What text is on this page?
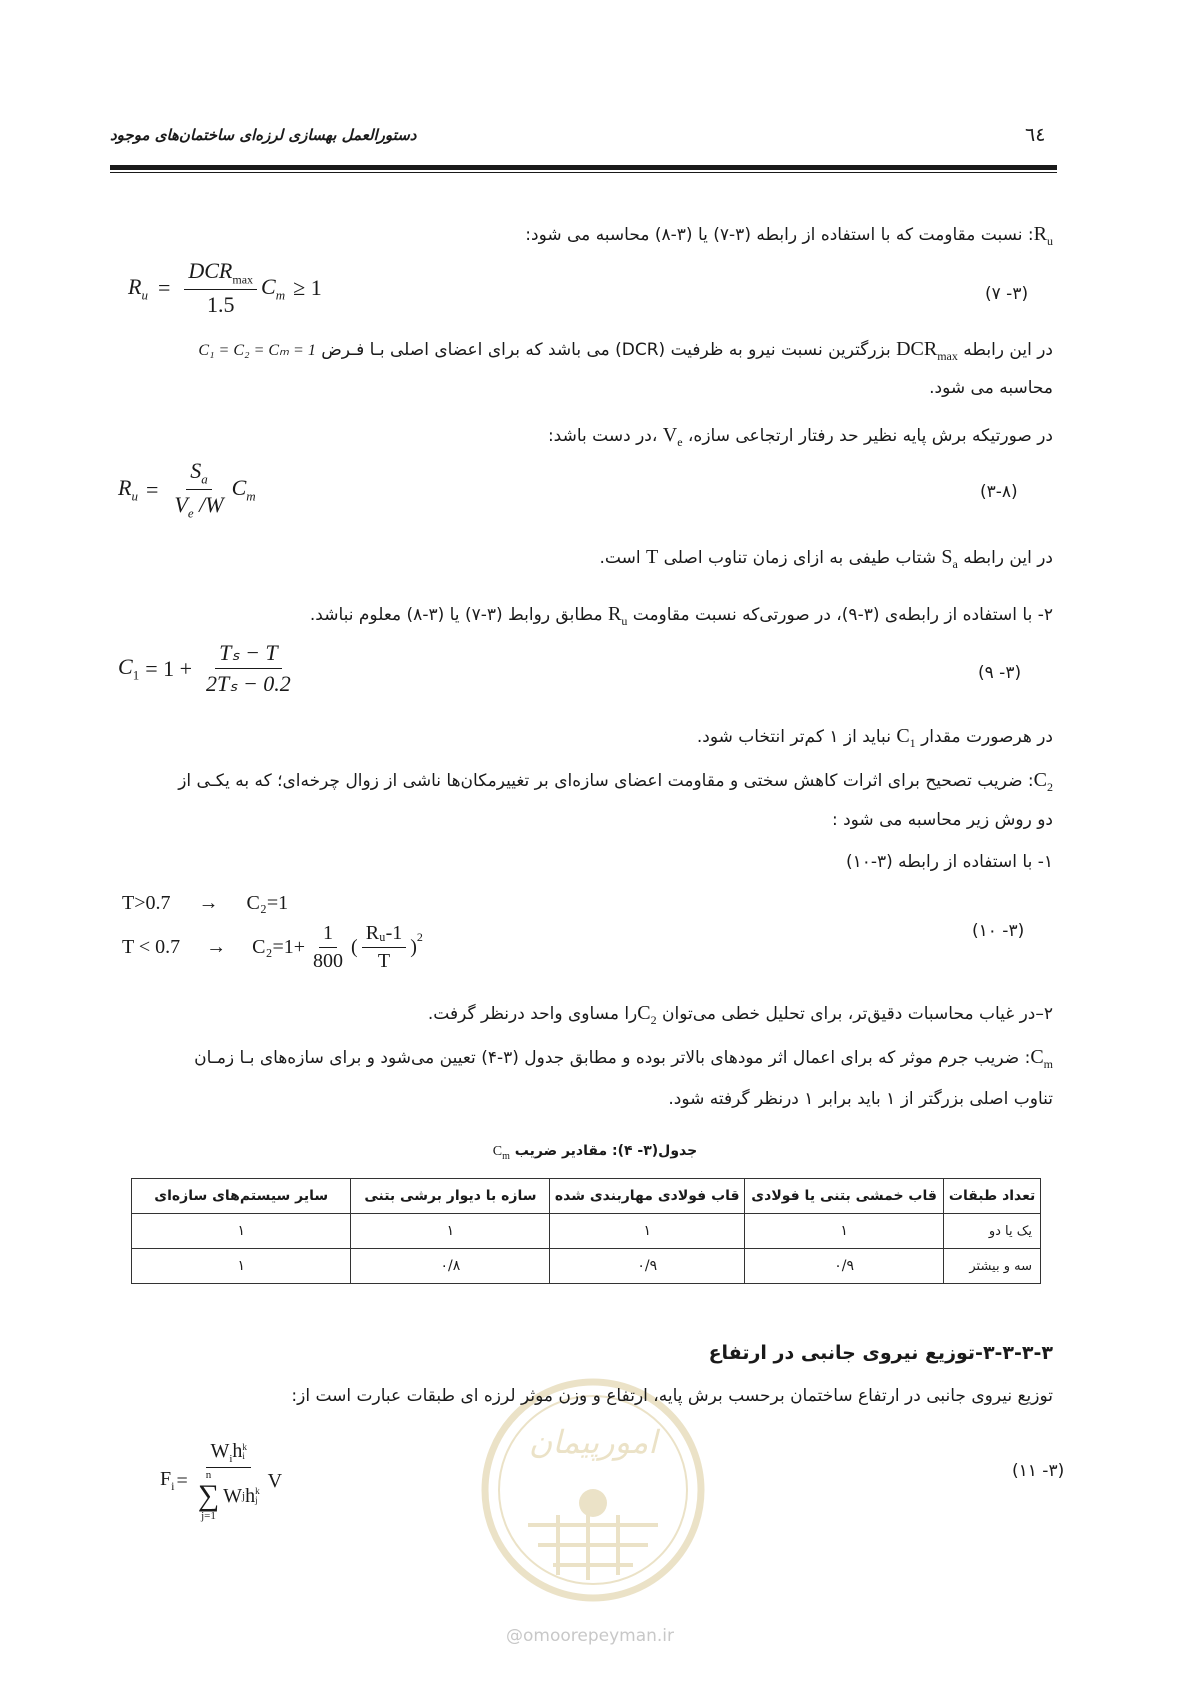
٦٤
دستورالعمل بهسازی لرزه‌ای ساختمان‌های موجود
$R_u$: نسبت مقاومت که با استفاده از رابطه (۳-۷) یا (۳-۸) محاسبه می شود:
$R_u = \frac{DCR_{max}}{1.5} C_m \ge 1$	(۳- ۷)
در این رابطه $DCR_{max}$ بزرگترین نسبت نیرو به ظرفیت (DCR) می باشد که برای اعضای اصلی بـا فـرض C₁ = C₂ = Cₘ = 1
محاسبه می شود.
در صورتیکه برش پایه نظیر حد رفتار ارتجاعی سازه، $V_e$ ،در دست باشد:
$R_u = \frac{S_a}{V_e /W} C_m$	(۳-۸)
در این رابطه $S_a$ شتاب طیفی به ازای زمان تناوب اصلی T است.
۲- با استفاده از رابطه‌ی (۳-۹)، در صورتی‌که نسبت مقاومت $R_u$ مطابق روابط (۳-۷) یا (۳-۸) معلوم نباشد.
$C_1 = 1 + \frac{\text{Tₛ − T}}{\text{2Tₛ − 0.2}}$	(۳- ۹)
در هرصورت مقدار $C_1$ نباید از ۱ کم‌تر انتخاب شود.
$C_2$: ضریب تصحیح برای اثرات کاهش سختی و مقاومت اعضای سازه‌ای بر تغییرمکان‌ها ناشی از زوال چرخه‌ای؛ که به یکـی از
دو روش زیر محاسبه می شود :
۱- با استفاده از رابطه (۳-۱۰)
T>0.7 → C₂=1
$T < 0.7 \to C_2=1+ \frac{1}{800}$ ( $\frac{\text{Rᵤ-1}}{T} )^2$	(۳- ۱۰)
۲–در غیاب محاسبات دقیق‌تر، برای تحلیل خطی می‌توان $C_2را$ مساوی واحد درنظر گرفت.
$C_m$: ضریب جرم موثر که برای اعمال اثر مودهای بالاتر بوده و مطابق جدول (۳-۴) تعیین می‌شود و برای سازه‌های بـا زمـان
تناوب اصلی بزرگتر از ۱ باید برابر ۱ درنظر گرفته شود.
جدول(۳- ۴): مقادیر ضریب $C_m$
تعداد طبقات	قاب خمشی بتنی یا فولادی	قاب فولادی مهاربندی شده	سازه با دیوار برشی بتنی	سایر سیستم‌های سازه‌ای
یک یا دو	۱	۱	۱	۱
سه و بیشتر	۰/۹	۰/۹	۰/۸	۱
امورپیمان
۳-۳-۳-۳-توزیع نیروی جانبی در ارتفاع
توزیع نیروی جانبی در ارتفاع ساختمان برحسب برش پایه، ارتفاع و وزن موثر لرزه ای طبقات عبارت است از:
$F_i = W_ih$ k
i
n
∑
j=1
W j h k
j V	(۳- ۱۱)
@omoorepeyman.ir
